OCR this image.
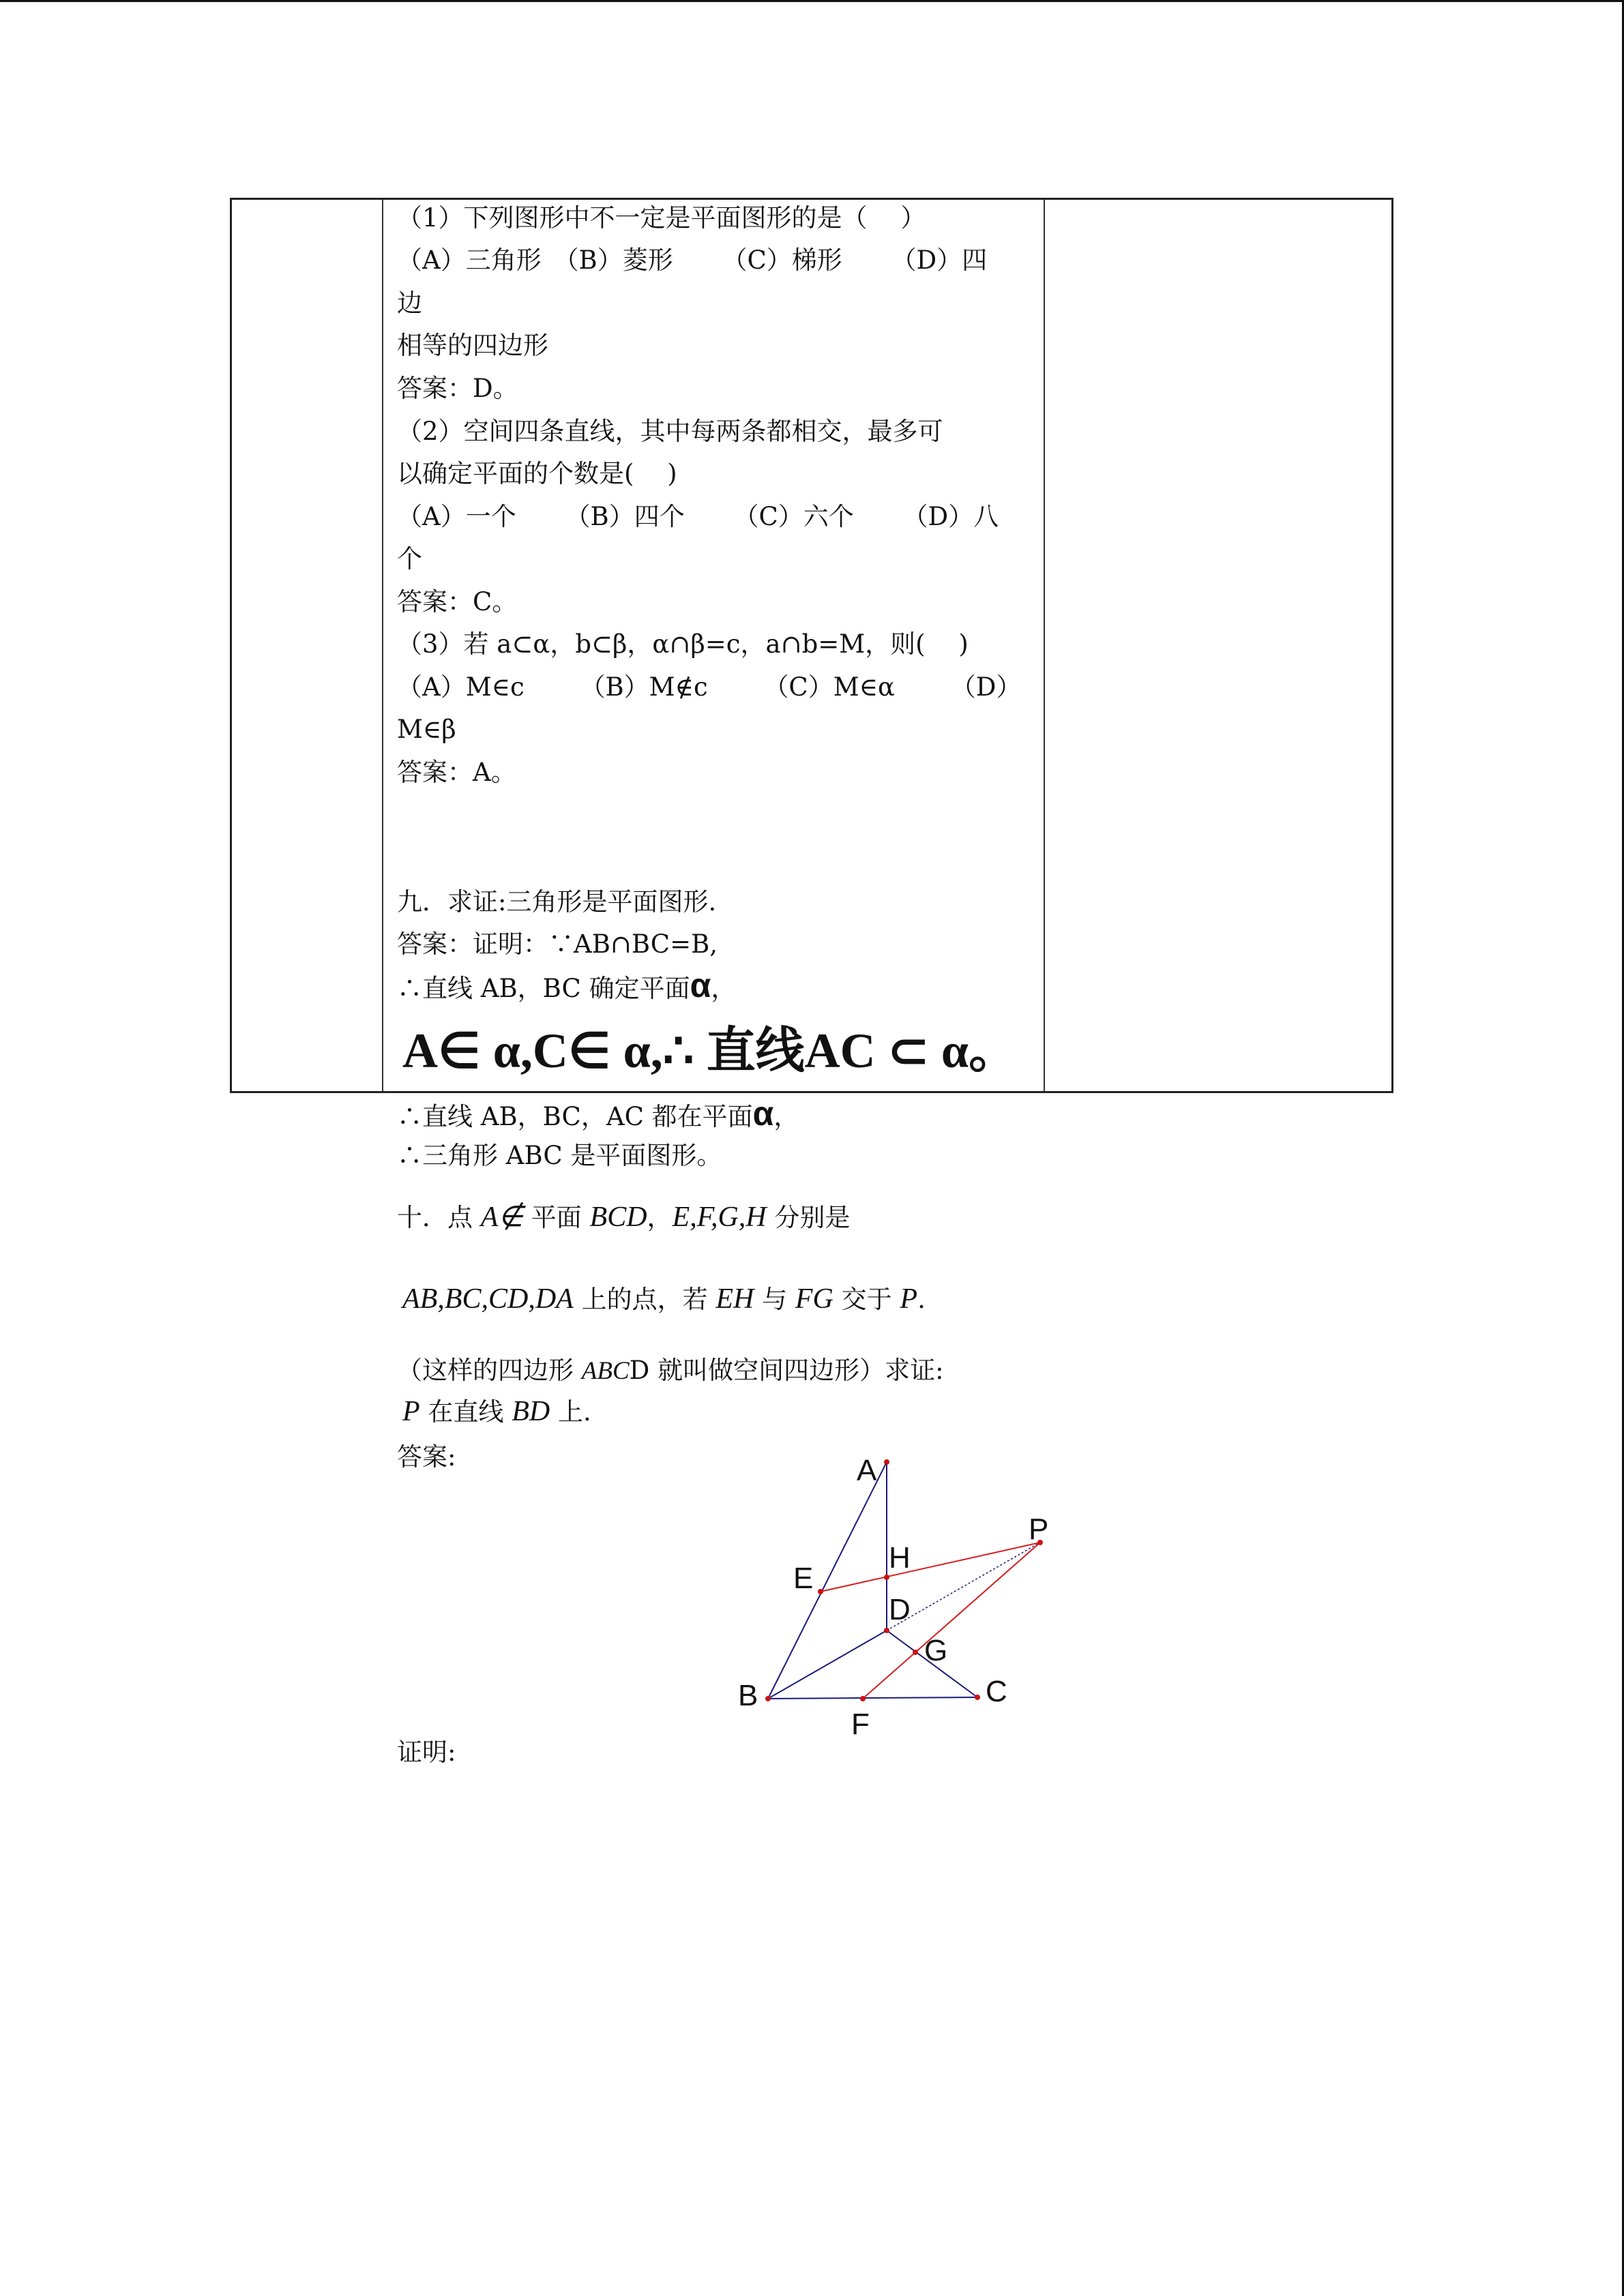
（1）下列图形中不一定是平面图形的是（　 ）
（A）三角形 （B）菱形 （C）梯形 （D）四
边
相等的四边形
答案：D。
（2）空间四条直线，其中每两条都相交，最多可
以确定平面的个数是(　 )
（A）一个 （B）四个 （C）六个 （D）八
个
答案：C。
（3）若 a⊂α，b⊂β，α∩β=c，a∩b=M，则(　 )
（A）M∈c （B）M∉c （C）M∈α （D）
M∈β
答案：A。
九．求证:三角形是平面图形.
答案：证明：∵AB∩BC=B,
∴直线 AB，BC 确定平面α，
A∈ α,C∈ α,∴ 直线AC ⊂ α。
∴直线 AB，BC，AC 都在平面α，
∴三角形 ABC 是平面图形。
十．点 A∉ 平面 BCD，E,F,G,H 分别是
AB,BC,CD,DA 上的点，若 EH 与 FG 交于 P.
（这样的四边形 ABCD 就叫做空间四边形）求证:
P 在直线 BD 上.
答案:
证明:
A
B	C
D
E
F
G
H
P
